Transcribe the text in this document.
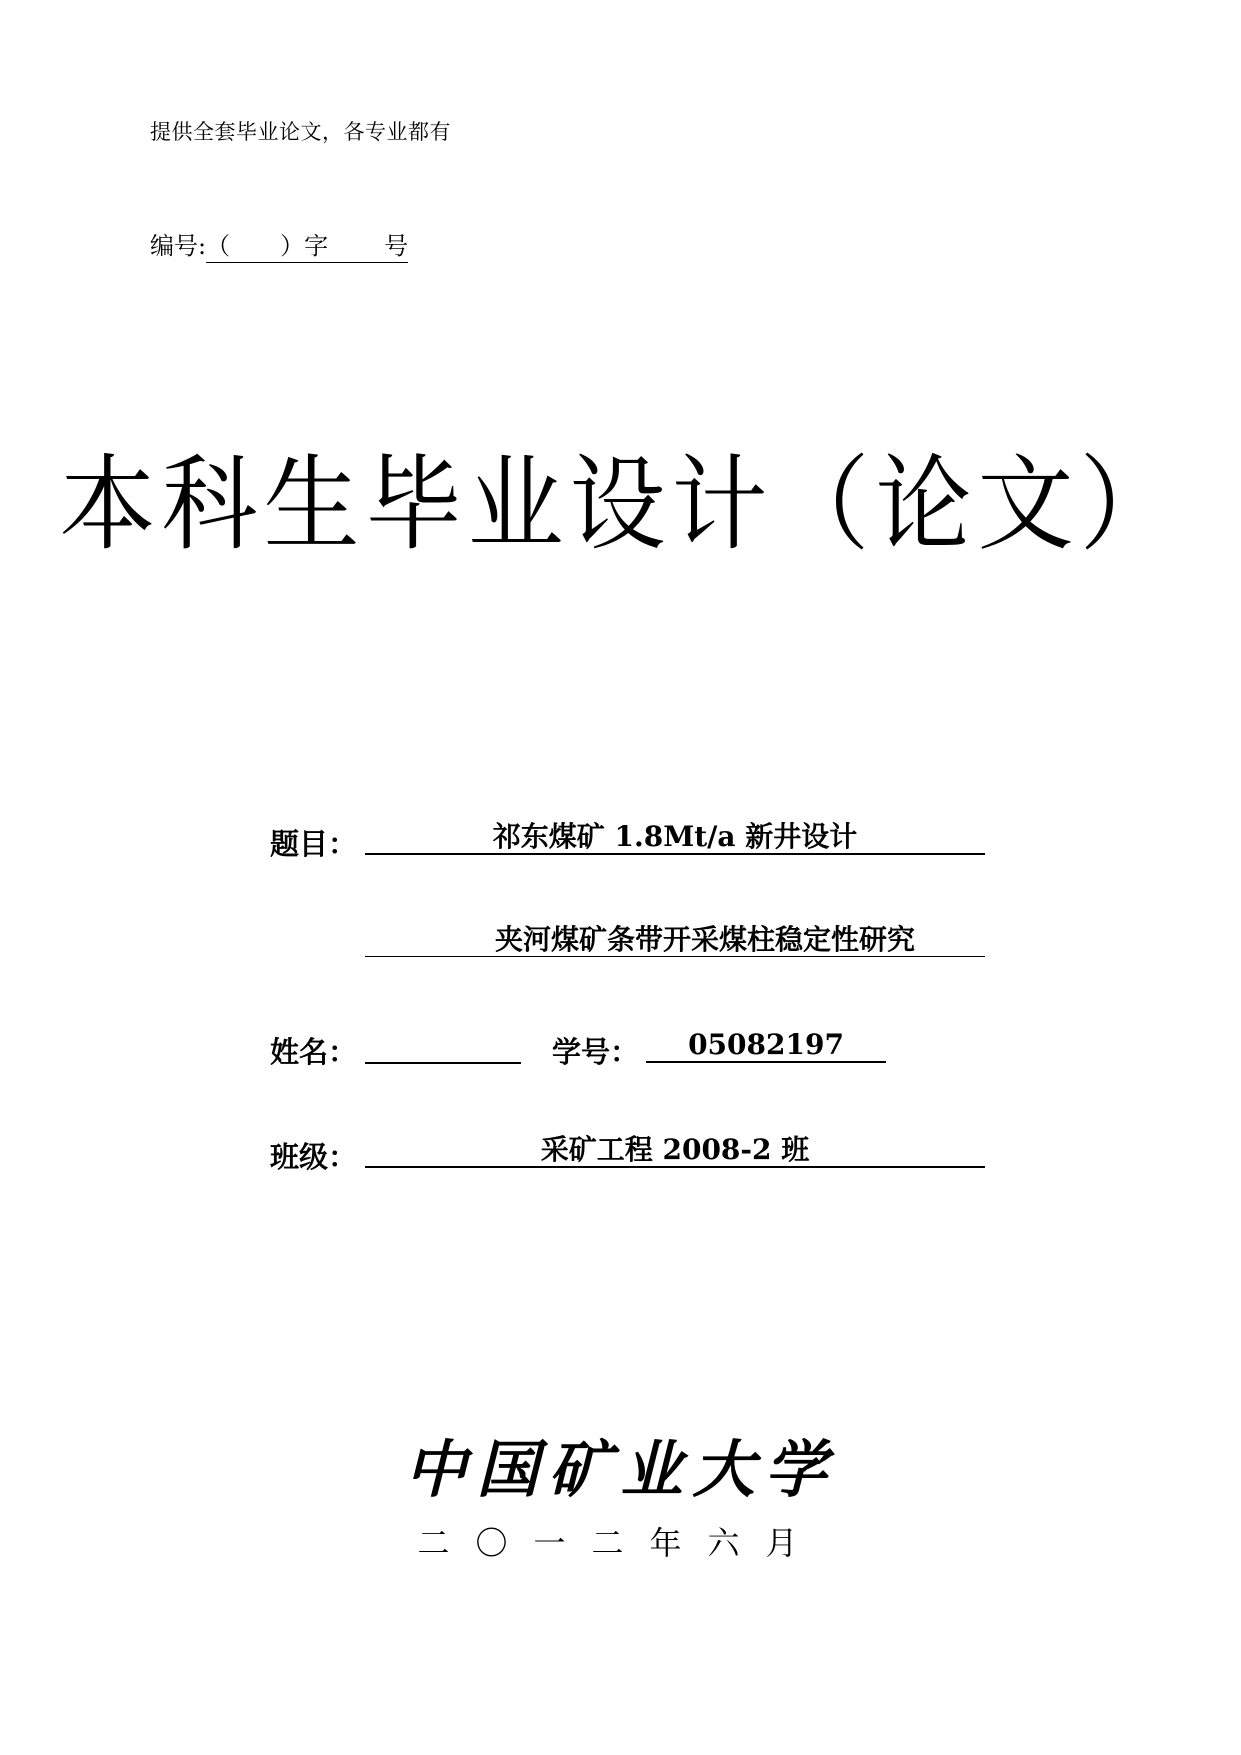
提供全套毕业论文，各专业都有
编号:（ ）字 号
本科生毕业设计（论文）
题目：	祁东煤矿 1.8Mt/a 新井设计
夹河煤矿条带开采煤柱稳定性研究
姓名：	学号：	05082197
班级：	采矿工程 2008-2 班
中国矿业大学
二〇一二年六月
